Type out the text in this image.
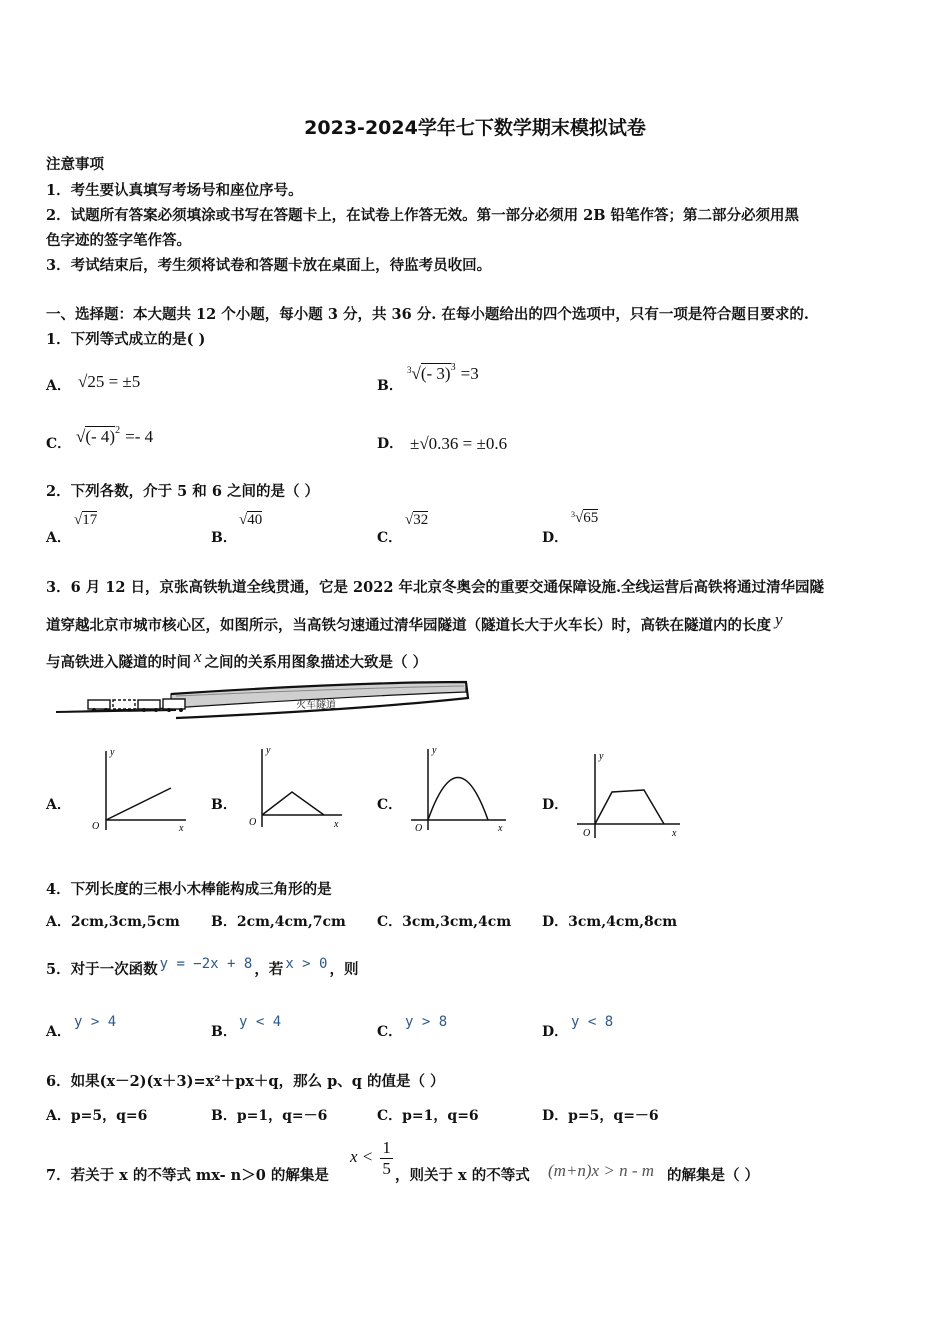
2023-2024学年七下数学期末模拟试卷
注意事项
1．考生要认真填写考场号和座位序号。
2．试题所有答案必须填涂或书写在答题卡上，在试卷上作答无效。第一部分必须用 2B 铅笔作答；第二部分必须用黑
色字迹的签字笔作答。
3．考试结束后，考生须将试卷和答题卡放在桌面上，待监考员收回。
一、选择题：本大题共 12 个小题，每小题 3 分，共 36 分. 在每小题给出的四个选项中，只有一项是符合题目要求的.
1．下列等式成立的是( )
A． √25 = ±5	B．
$^3$√(- 3)$^3$ =3
C． √(- 4)$^2$ =- 4	D． ±√0.36 = ±0.6
2．下列各数，介于 5 和 6 之间的是（ ）
A．
√17
B．
√40
C．
√32
D．
$^3$√65
3．6 月 12 日，京张高铁轨道全线贯通，它是 2022 年北京冬奥会的重要交通保障设施.全线运营后高铁将通过清华园隧
道穿越北京市城市核心区，如图所示，当高铁匀速通过清华园隧道（隧道长大于火车长）时，高铁在隧道内的长度 y
与高铁进入隧道的时间 x 之间的关系用图象描述大致是（ ）
火车隧道
A．
y
x
O
B．
y
x
O
C．
y
x
O
D．
y
x
O
4．下列长度的三根小木棒能构成三角形的是
A．2cm,3cm,5cm B．2cm,4cm,7cm C．3cm,3cm,4cm D．3cm,4cm,8cm
5．对于一次函数 y = −2x + 8 ，若 x > 0 ，则
A．
y > 4
B．
y < 4
C．
y > 8
D．
y < 8
6．如果(x－2)(x＋3)=x²＋px＋q，那么 p、q 的值是（ ）
A．p=5，q=6	B．p=1，q=－6	C．p=1，q=6	D．p=5，q=－6
7．若关于 x 的不等式 mx- n＞0 的解集是
$x < \frac{1}{5}$ ，则关于 x 的不等式 (m+n)x > n - m 的解集是（ ）
